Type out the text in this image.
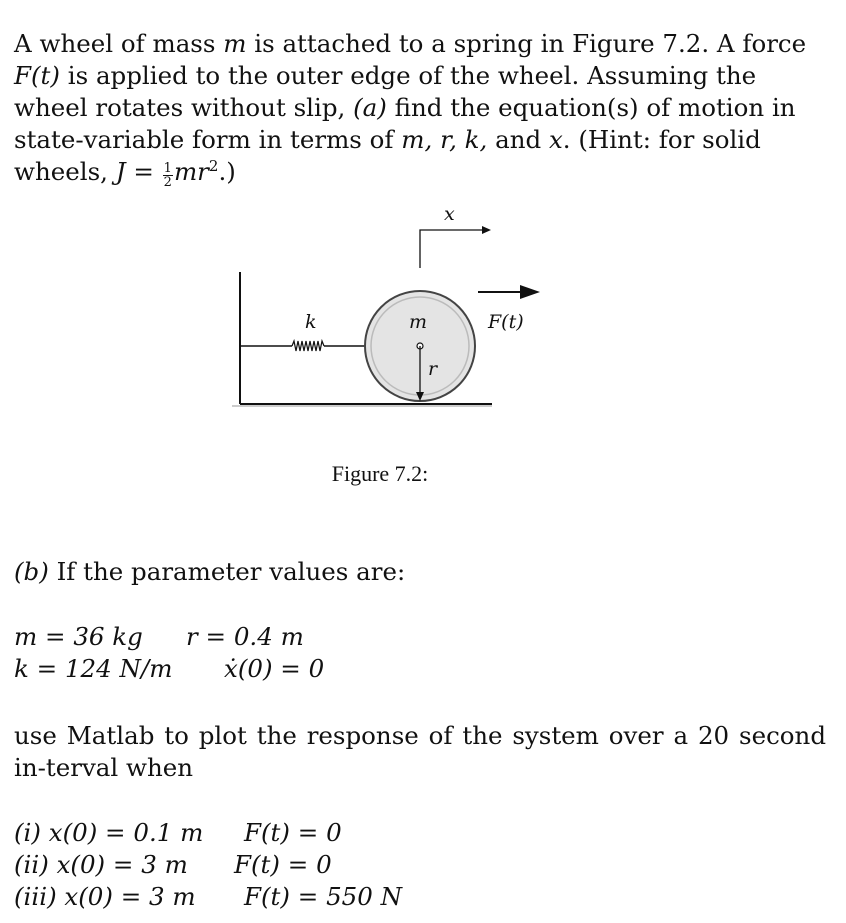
A wheel of mass m is attached to a spring in Figure 7.2. A force F(t) is applied to the outer edge of the wheel. Assuming the wheel rotates without slip, (a) find the equation(s) of motion in state-variable form in terms of m, r, k, and x. (Hint: for solid wheels, $J = \frac{1}{2} mr^2$.)

k	m
r
x
F(t)
Figure 7.2:

(b) If the parameter values are:

m = 36 kg r = 0.4 m
k = 124 N/m ẋ(0) = 0

use Matlab to plot the response of the system over a 20 second in-terval when

(i) x(0) = 0.1 m F(t) = 0
(ii) x(0) = 3 m F(t) = 0
(iii) x(0) = 3 m F(t) = 550 N
